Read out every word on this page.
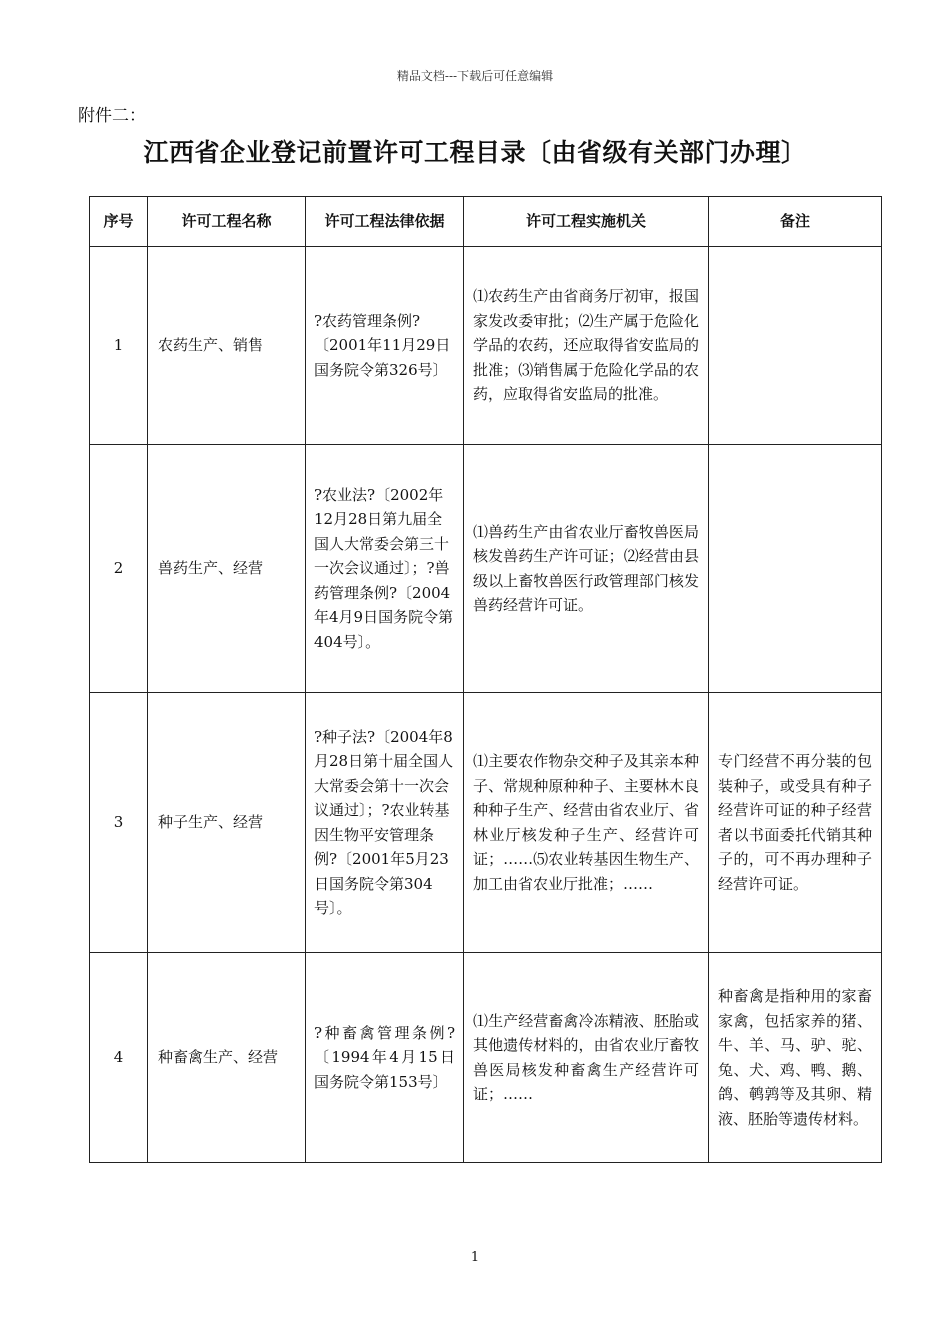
精品文档---下载后可任意编辑
附件二：
江西省企业登记前置许可工程目录〔由省级有关部门办理〕
序号	许可工程名称	许可工程法律依据	许可工程实施机关	备注
1	农药生产、销售	?农药管理条例?〔2001年11月29日国务院令第326号〕	⑴农药生产由省商务厅初审，报国家发改委审批；⑵生产属于危险化学品的农药，还应取得省安监局的批准；⑶销售属于危险化学品的农药，应取得省安监局的批准。	
2	兽药生产、经营	?农业法?〔2002年12月28日第九届全国人大常委会第三十一次会议通过〕；?兽药管理条例?〔2004年4月9日国务院令第404号〕。	⑴兽药生产由省农业厅畜牧兽医局核发兽药生产许可证；⑵经营由县级以上畜牧兽医行政管理部门核发兽药经营许可证。	
3	种子生产、经营	?种子法?〔2004年8月28日第十届全国人大常委会第十一次会议通过〕；?农业转基因生物平安管理条例?〔2001年5月23日国务院令第304号〕。	⑴主要农作物杂交种子及其亲本种子、常规种原种种子、主要林木良种种子生产、经营由省农业厅、省林业厅核发种子生产、经营许可证；……⑸农业转基因生物生产、加工由省农业厅批准；……	专门经营不再分装的包装种子，或受具有种子经营许可证的种子经营者以书面委托代销其种子的，可不再办理种子经营许可证。
4	种畜禽生产、经营	?种畜禽管理条例?〔1994年4月15日国务院令第153号〕	⑴生产经营畜禽冷冻精液、胚胎或其他遗传材料的，由省农业厅畜牧兽医局核发种畜禽生产经营许可证；……	种畜禽是指种用的家畜家禽，包括家养的猪、牛、羊、马、驴、驼、兔、犬、鸡、鸭、鹅、鸽、鹌鹑等及其卵、精液、胚胎等遗传材料。
1
